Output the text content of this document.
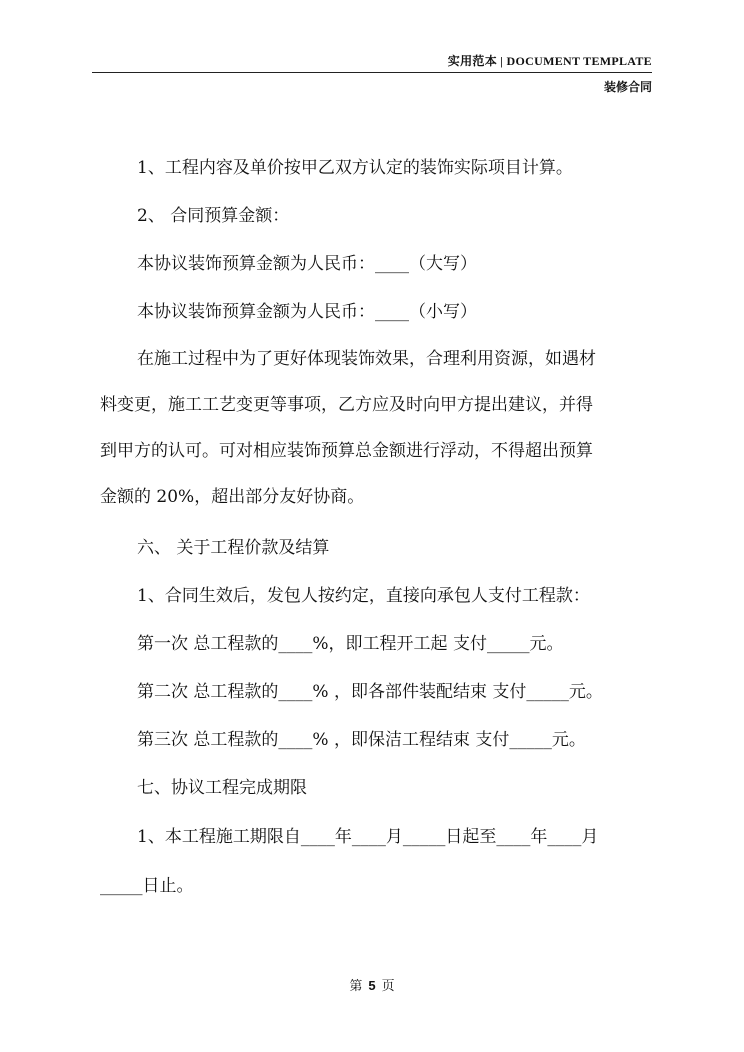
实用范本 | DOCUMENT TEMPLATE
装修合同
1、工程内容及单价按甲乙双方认定的装饰实际项目计算。
2、 合同预算金额：
本协议装饰预算金额为人民币：____（大写）
本协议装饰预算金额为人民币：____（小写）
在施工过程中为了更好体现装饰效果，合理利用资源，如遇材
料变更，施工工艺变更等事项，乙方应及时向甲方提出建议，并得
到甲方的认可。可对相应装饰预算总金额进行浮动，不得超出预算
金额的 20%，超出部分友好协商。
六、 关于工程价款及结算
1、合同生效后，发包人按约定，直接向承包人支付工程款：
第一次 总工程款的____%，即工程开工起 支付_____元。
第二次 总工程款的____% ，即各部件装配结束 支付_____元。
第三次 总工程款的____% ，即保洁工程结束 支付_____元。
七、协议工程完成期限
1、本工程施工期限自____年____月_____日起至____年____月
_____日止。
第 5 页
